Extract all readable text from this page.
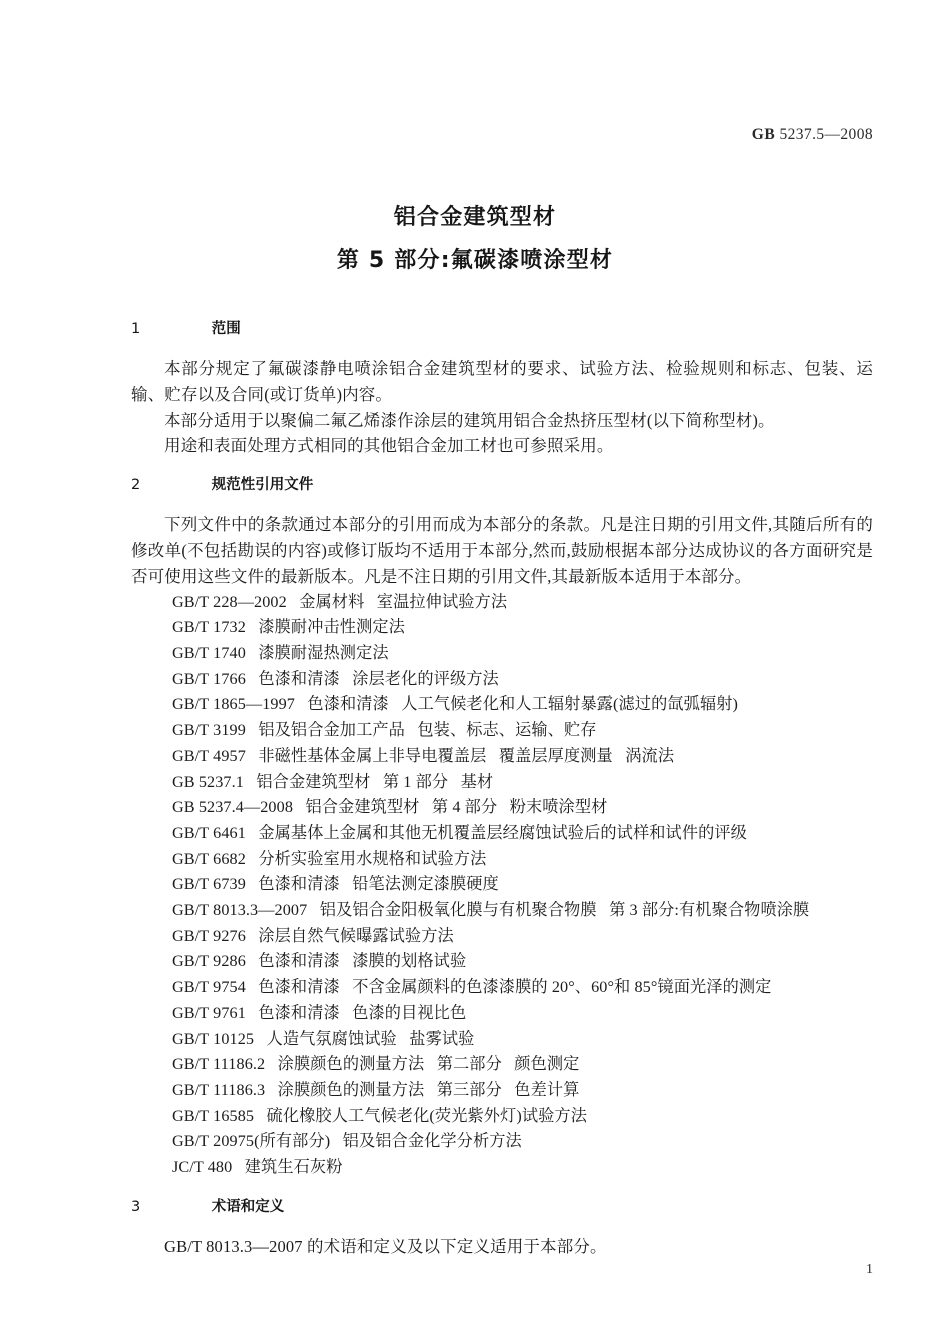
GB 5237.5—2008
铝合金建筑型材
第 5 部分:氟碳漆喷涂型材
1			范围

本部分规定了氟碳漆静电喷涂铝合金建筑型材的要求、试验方法、检验规则和标志、包装、运输、贮存以及合同(或订货单)内容。

本部分适用于以聚偏二氟乙烯漆作涂层的建筑用铝合金热挤压型材(以下简称型材)。

用途和表面处理方式相同的其他铝合金加工材也可参照采用。

2			规范性引用文件

下列文件中的条款通过本部分的引用而成为本部分的条款。凡是注日期的引用文件,其随后所有的修改单(不包括勘误的内容)或修订版均不适用于本部分,然而,鼓励根据本部分达成协议的各方面研究是否可使用这些文件的最新版本。凡是不注日期的引用文件,其最新版本适用于本部分。

GB/T 228—2002   金属材料   室温拉伸试验方法
GB/T 1732   漆膜耐冲击性测定法
GB/T 1740   漆膜耐湿热测定法
GB/T 1766   色漆和清漆   涂层老化的评级方法
GB/T 1865—1997   色漆和清漆   人工气候老化和人工辐射暴露(滤过的氙弧辐射)
GB/T 3199   铝及铝合金加工产品   包装、标志、运输、贮存
GB/T 4957   非磁性基体金属上非导电覆盖层   覆盖层厚度测量   涡流法
GB 5237.1   铝合金建筑型材   第 1 部分   基材
GB 5237.4—2008   铝合金建筑型材   第 4 部分   粉末喷涂型材
GB/T 6461   金属基体上金属和其他无机覆盖层经腐蚀试验后的试样和试件的评级
GB/T 6682   分析实验室用水规格和试验方法
GB/T 6739   色漆和清漆   铅笔法测定漆膜硬度
GB/T 8013.3—2007   铝及铝合金阳极氧化膜与有机聚合物膜   第 3 部分:有机聚合物喷涂膜
GB/T 9276   涂层自然气候曝露试验方法
GB/T 9286   色漆和清漆   漆膜的划格试验
GB/T 9754   色漆和清漆   不含金属颜料的色漆漆膜的 20°、60°和 85°镜面光泽的测定
GB/T 9761   色漆和清漆   色漆的目视比色
GB/T 10125   人造气氛腐蚀试验   盐雾试验
GB/T 11186.2   涂膜颜色的测量方法   第二部分   颜色测定
GB/T 11186.3   涂膜颜色的测量方法   第三部分   色差计算
GB/T 16585   硫化橡胶人工气候老化(荧光紫外灯)试验方法
GB/T 20975(所有部分)   铝及铝合金化学分析方法
JC/T 480   建筑生石灰粉
3			术语和定义

GB/T 8013.3—2007 的术语和定义及以下定义适用于本部分。

1
